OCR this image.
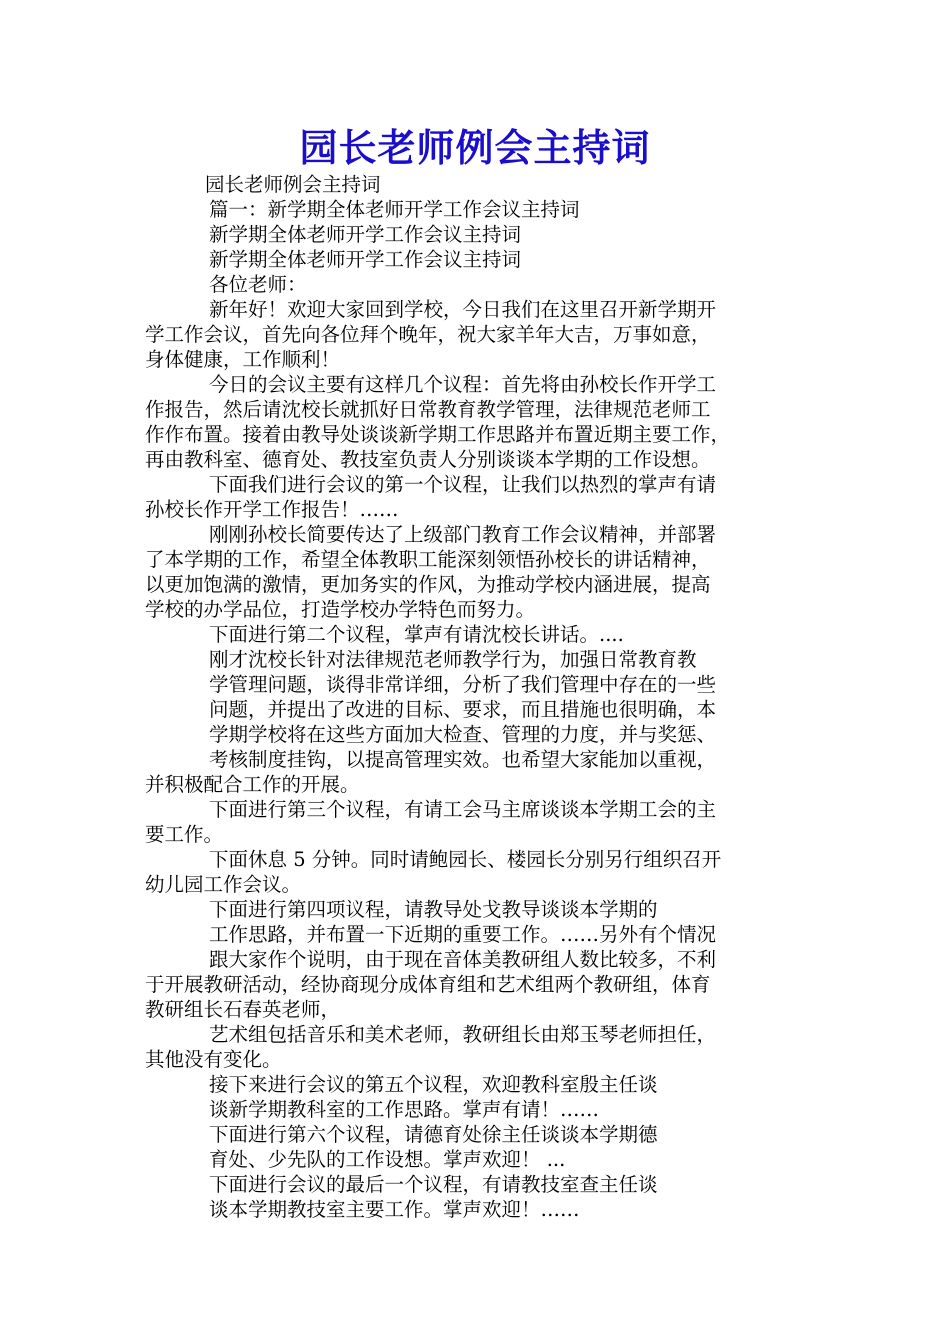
园长老师例会主持词
园长老师例会主持词
篇一：新学期全体老师开学工作会议主持词
新学期全体老师开学工作会议主持词
新学期全体老师开学工作会议主持词
各位老师：
新年好！欢迎大家回到学校，今日我们在这里召开新学期开
学工作会议，首先向各位拜个晚年，祝大家羊年大吉，万事如意，
身体健康，工作顺利！
今日的会议主要有这样几个议程：首先将由孙校长作开学工
作报告，然后请沈校长就抓好日常教育教学管理，法律规范老师工
作作布置。接着由教导处谈谈新学期工作思路并布置近期主要工作，
再由教科室、德育处、教技室负责人分别谈谈本学期的工作设想。
下面我们进行会议的第一个议程，让我们以热烈的掌声有请
孙校长作开学工作报告！……
刚刚孙校长简要传达了上级部门教育工作会议精神，并部署
了本学期的工作，希望全体教职工能深刻领悟孙校长的讲话精神，
以更加饱满的激情，更加务实的作风，为推动学校内涵进展，提高
学校的办学品位，打造学校办学特色而努力。
下面进行第二个议程，掌声有请沈校长讲话。....
刚才沈校长针对法律规范老师教学行为，加强日常教育教
学管理问题，谈得非常详细，分析了我们管理中存在的一些
问题，并提出了改进的目标、要求，而且措施也很明确，本
学期学校将在这些方面加大检查、管理的力度，并与奖惩、
考核制度挂钩，以提高管理实效。也希望大家能加以重视，
并积极配合工作的开展。
下面进行第三个议程，有请工会马主席谈谈本学期工会的主
要工作。
下面休息 5 分钟。同时请鲍园长、楼园长分别另行组织召开
幼儿园工作会议。
下面进行第四项议程，请教导处戈教导谈谈本学期的
工作思路，并布置一下近期的重要工作。……另外有个情况
跟大家作个说明，由于现在音体美教研组人数比较多，不利
于开展教研活动，经协商现分成体育组和艺术组两个教研组，体育
教研组长石春英老师，
艺术组包括音乐和美术老师，教研组长由郑玉琴老师担任，
其他没有变化。
接下来进行会议的第五个议程，欢迎教科室殷主任谈
谈新学期教科室的工作思路。掌声有请！……
下面进行第六个议程，请德育处徐主任谈谈本学期德
育处、少先队的工作设想。掌声欢迎！ ...
下面进行会议的最后一个议程，有请教技室查主任谈
谈本学期教技室主要工作。掌声欢迎！……
